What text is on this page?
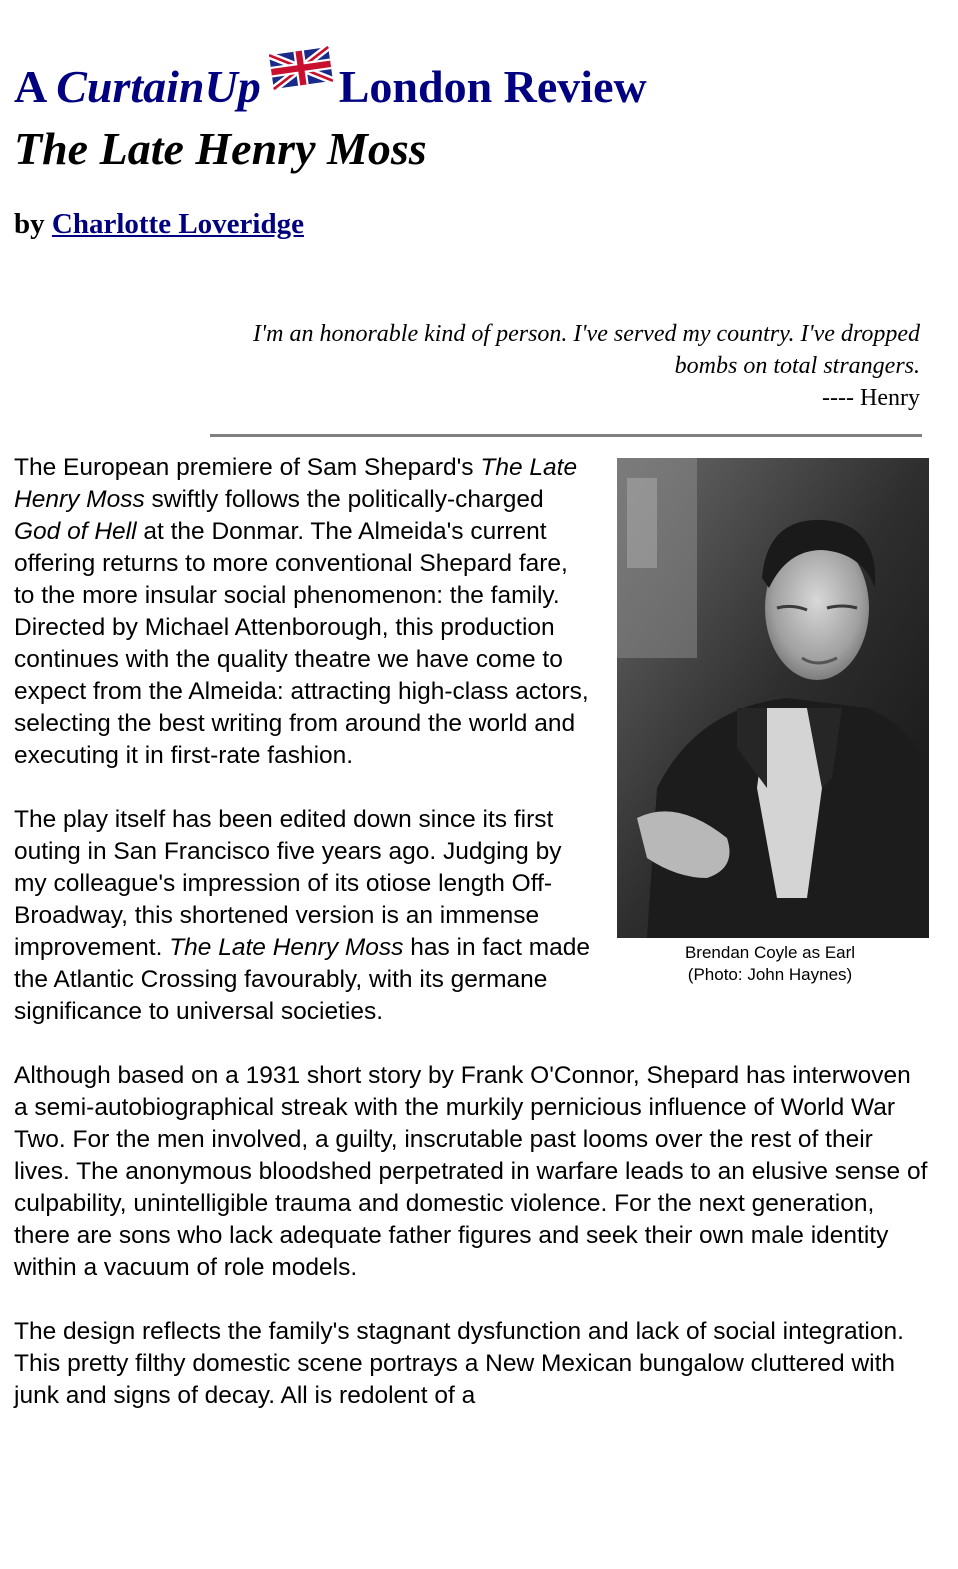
A CurtainUp London Review
The Late Henry Moss
by Charlotte Loveridge
I'm an honorable kind of person. I've served my country. I've dropped bombs on total strangers.
---- Henry
Brendan Coyle as Earl
(Photo: John Haynes)

The European premiere of Sam Shepard's The Late Henry Moss swiftly follows the politically-charged God of Hell at the Donmar. The Almeida's current offering returns to more conventional Shepard fare, to the more insular social phenomenon: the family. Directed by Michael Attenborough, this production continues with the quality theatre we have come to expect from the Almeida: attracting high-class actors, selecting the best writing from around the world and executing it in first-rate fashion.

The play itself has been edited down since its first outing in San Francisco five years ago. Judging by my colleague's impression of its otiose length Off-Broadway, this shortened version is an immense improvement. The Late Henry Moss has in fact made the Atlantic Crossing favourably, with its germane significance to universal societies.

Although based on a 1931 short story by Frank O'Connor, Shepard has interwoven a semi-autobiographical streak with the murkily pernicious influence of World War Two. For the men involved, a guilty, inscrutable past looms over the rest of their lives. The anonymous bloodshed perpetrated in warfare leads to an elusive sense of culpability, unintelligible trauma and domestic violence. For the next generation, there are sons who lack adequate father figures and seek their own male identity within a vacuum of role models.

The design reflects the family's stagnant dysfunction and lack of social integration. This pretty filthy domestic scene portrays a New Mexican bungalow cluttered with junk and signs of decay. All is redolent of a
